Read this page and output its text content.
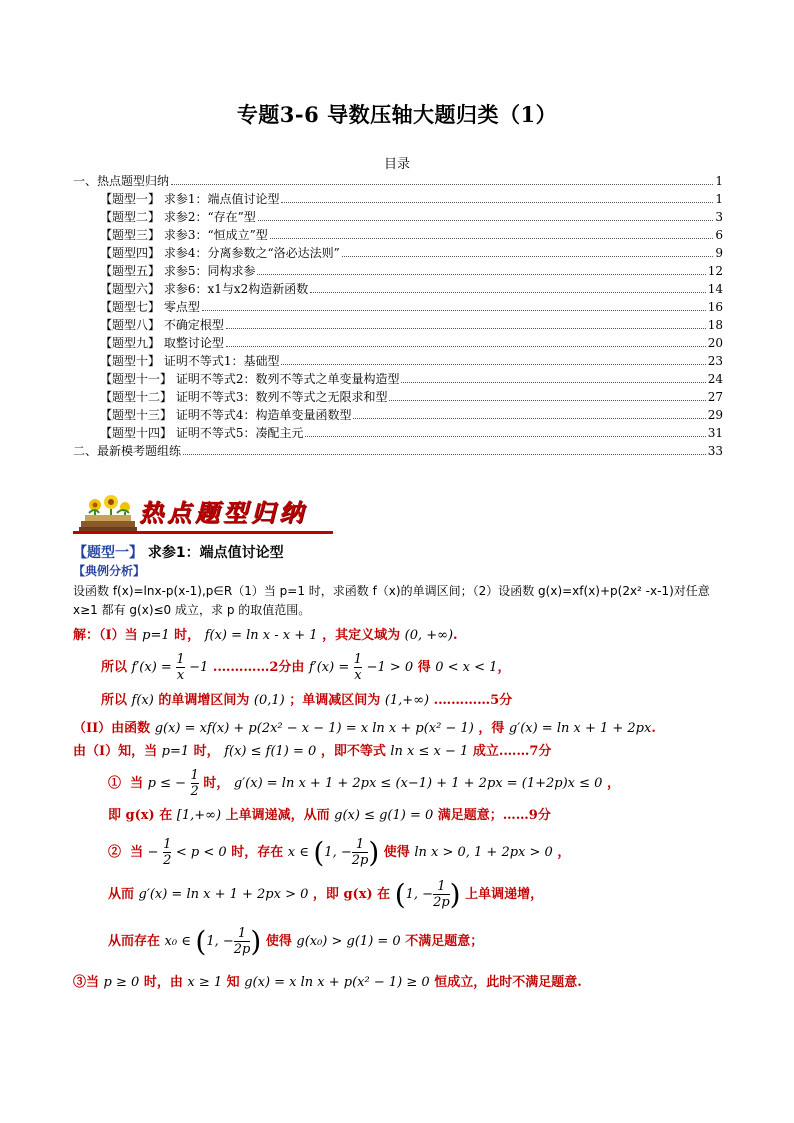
专题3-6 导数压轴大题归类（1）
目录
一、热点题型归纳	1
【题型一】 求参1：端点值讨论型	1
【题型二】 求参2：“存在”型	3
【题型三】 求参3：“恒成立”型	6
【题型四】 求参4：分离参数之“洛必达法则”	9
【题型五】 求参5：同构求参	12
【题型六】 求参6：x1与x2构造新函数	14
【题型七】 零点型	16
【题型八】 不确定根型	18
【题型九】 取整讨论型	20
【题型十】 证明不等式1：基础型	23
【题型十一】 证明不等式2：数列不等式之单变量构造型	24
【题型十二】 证明不等式3：数列不等式之无限求和型	27
【题型十三】 证明不等式4：构造单变量函数型	29
【题型十四】 证明不等式5：凑配主元	31
二、最新模考题组练	33
热点题型归纳
【题型一】 求参1：端点值讨论型
【典例分析】
设函数 f(x)=lnx-p(x-1),p∈R（1）当 p=1 时，求函数 f（x)的单调区间；（2）设函数 g(x)=xf(x)+p(2x² -x-1)对任意 x≥1 都有 g(x)≤0 成立，求 p 的取值范围。
解：（I）当 p=1 时， f(x) = ln x - x + 1 ，其定义域为 (0, +∞).
所以 $f'(x) = \frac{1}{x} -1$ .…………2分由 $f'(x) = \frac{1}{x} -1 > 0$ 得 0 < x < 1，
所以 f(x) 的单调增区间为 (0,1) ；单调减区间为 (1,+∞) .…………5分
（II）由函数 g(x) = xf(x) + p(2x² − x − 1) = x ln x + p(x² − 1) ，得 g′(x) = ln x + 1 + 2px.
由（I）知，当 p=1 时， f(x) ≤ f(1) = 0 ，即不等式 ln x ≤ x − 1 成立.……7分
① 当 p ≤ − $\frac{1}{2}$ 时， g′(x) = ln x + 1 + 2px ≤ (x−1) + 1 + 2px = (1+2p)x ≤ 0 ，
即 g(x) 在 [1,+∞) 上单调递减，从而 g(x) ≤ g(1) = 0 满足题意；……9分
② 当 − $\frac{1}{2} < p < 0$ 时，存在 x ∈ (1, − $\frac{1}{2p}$ ) 使得 ln x > 0, 1 + 2px > 0 ，
从而 g′(x) = ln x + 1 + 2px > 0 ，即 g(x) 在 (1, − $\frac{1}{2p}$ ) 上单调递增，
从而存在 x₀ ∈ (1, − $\frac{1}{2p}$ ) 使得 g(x₀) > g(1) = 0 不满足题意；
③当 p ≥ 0 时，由 x ≥ 1 知 g(x) = x ln x + p(x² − 1) ≥ 0 恒成立，此时不满足题意.
